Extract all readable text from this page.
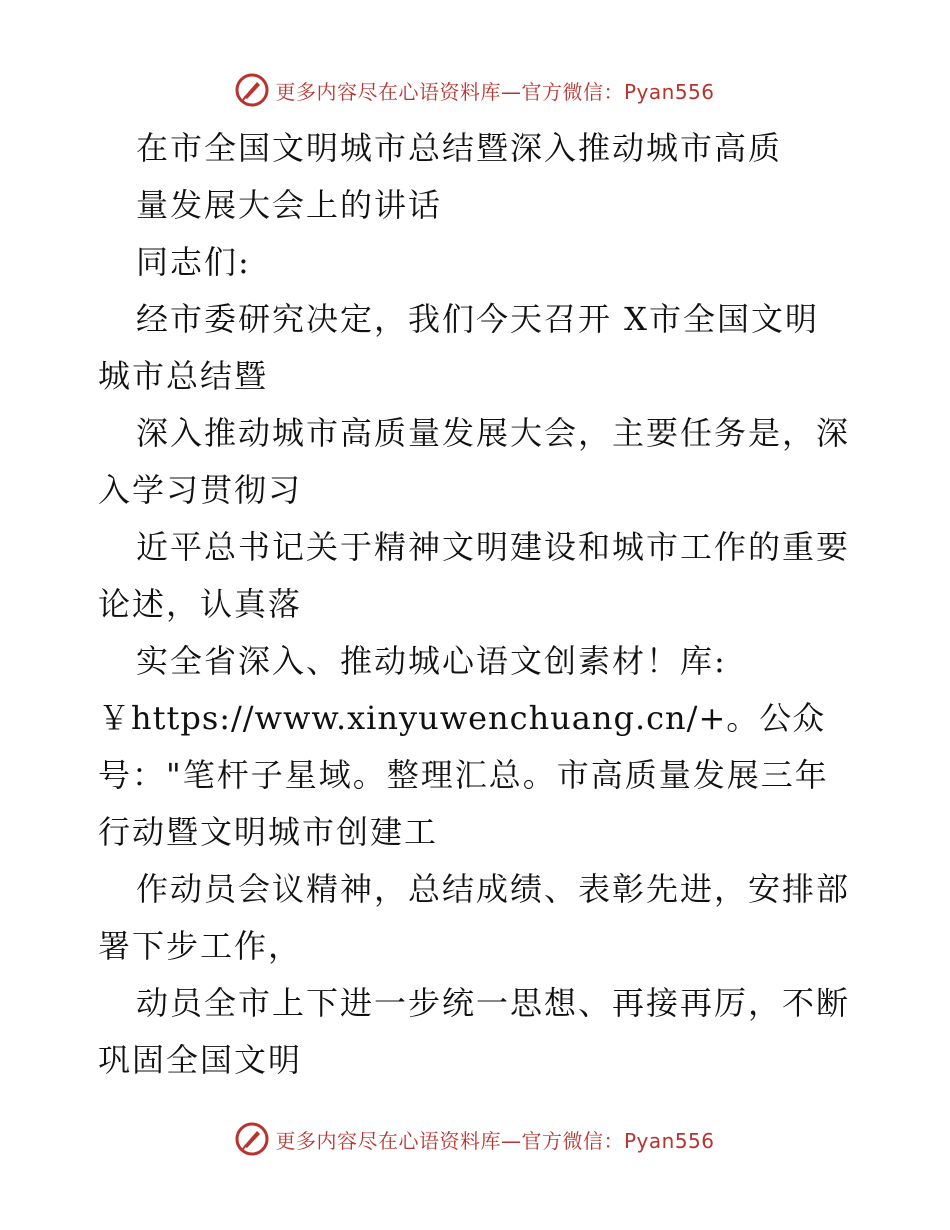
更多内容尽在心语资料库—官方微信：Pyan556
在市全国文明城市总结暨深入推动城市高质
量发展大会上的讲话
同志们:
经市委研究决定，我们今天召开 X市全国文明
城市总结暨
深入推动城市高质量发展大会，主要任务是，深
入学习贯彻习
近平总书记关于精神文明建设和城市工作的重要
论述，认真落
实全省深入、推动城心语文创素材！库:
￥https://www.xinyuwenchuang.cn/+。公众
号："笔杆子星域。整理汇总。市高质量发展三年
行动暨文明城市创建工
作动员会议精神，总结成绩、表彰先进，安排部
署下步工作，
动员全市上下进一步统一思想、再接再厉，不断
巩固全国文明
更多内容尽在心语资料库—官方微信：Pyan556
